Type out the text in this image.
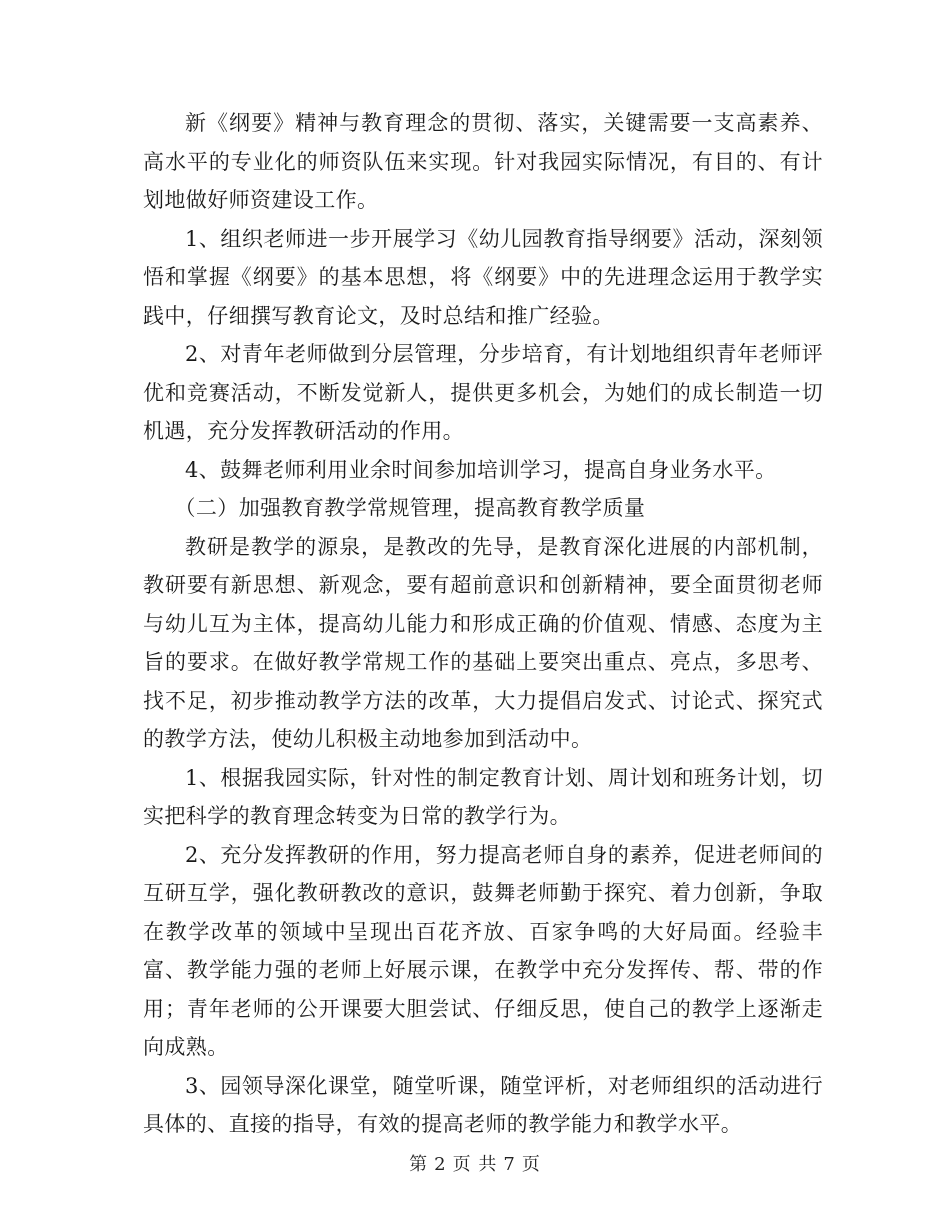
新《纲要》精神与教育理念的贯彻、落实，关键需要一支高素养、高水平的专业化的师资队伍来实现。针对我园实际情况，有目的、有计划地做好师资建设工作。

1、组织老师进一步开展学习《幼儿园教育指导纲要》活动，深刻领悟和掌握《纲要》的基本思想，将《纲要》中的先进理念运用于教学实践中，仔细撰写教育论文，及时总结和推广经验。

2、对青年老师做到分层管理，分步培育，有计划地组织青年老师评优和竞赛活动，不断发觉新人，提供更多机会，为她们的成长制造一切机遇，充分发挥教研活动的作用。

4、鼓舞老师利用业余时间参加培训学习，提高自身业务水平。

（二）加强教育教学常规管理，提高教育教学质量

教研是教学的源泉，是教改的先导，是教育深化进展的内部机制，教研要有新思想、新观念，要有超前意识和创新精神，要全面贯彻老师与幼儿互为主体，提高幼儿能力和形成正确的价值观、情感、态度为主旨的要求。在做好教学常规工作的基础上要突出重点、亮点，多思考、找不足，初步推动教学方法的改革，大力提倡启发式、讨论式、探究式的教学方法，使幼儿积极主动地参加到活动中。

1、根据我园实际，针对性的制定教育计划、周计划和班务计划，切实把科学的教育理念转变为日常的教学行为。

2、充分发挥教研的作用，努力提高老师自身的素养，促进老师间的互研互学，强化教研教改的意识，鼓舞老师勤于探究、着力创新，争取在教学改革的领域中呈现出百花齐放、百家争鸣的大好局面。经验丰富、教学能力强的老师上好展示课，在教学中充分发挥传、帮、带的作用；青年老师的公开课要大胆尝试、仔细反思，使自己的教学上逐渐走向成熟。

3、园领导深化课堂，随堂听课，随堂评析，对老师组织的活动进行具体的、直接的指导，有效的提高老师的教学能力和教学水平。

第 2 页 共 7 页
